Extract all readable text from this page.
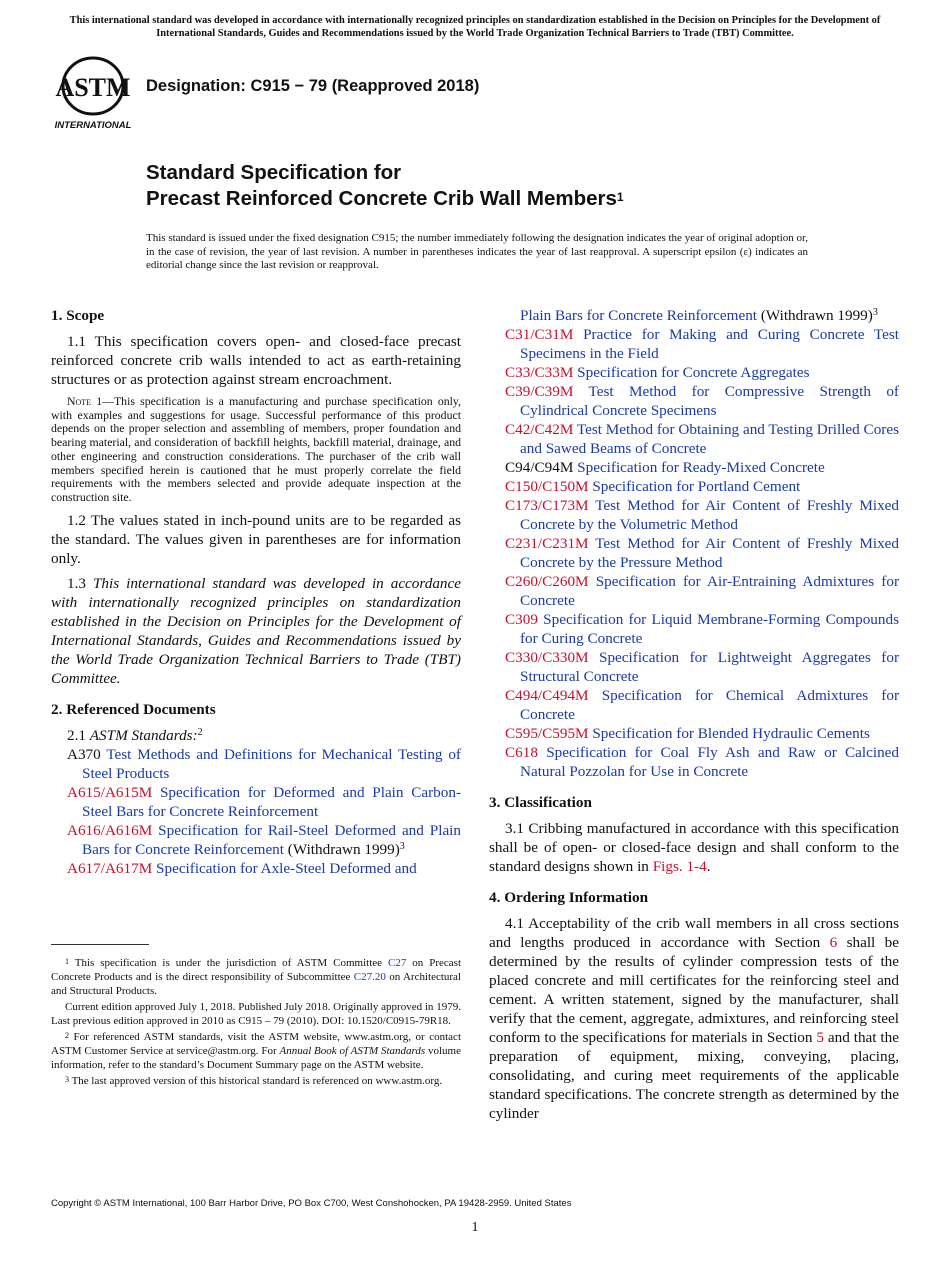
This international standard was developed in accordance with internationally recognized principles on standardization established in the Decision on Principles for the Development of International Standards, Guides and Recommendations issued by the World Trade Organization Technical Barriers to Trade (TBT) Committee.
ASTM
INTERNATIONAL
Designation: C915 − 79 (Reapproved 2018)
Standard Specification for
Precast Reinforced Concrete Crib Wall Members$^1$
This standard is issued under the fixed designation C915; the number immediately following the designation indicates the year of original adoption or, in the case of revision, the year of last revision. A number in parentheses indicates the year of last reapproval. A superscript epsilon (ε) indicates an editorial change since the last revision or reapproval.
1. Scope

1.1 This specification covers open- and closed-face precast reinforced concrete crib walls intended to act as earth-retaining structures or as protection against stream encroachment.

Note 1—This specification is a manufacturing and purchase specification only, with examples and suggestions for usage. Successful performance of this product depends on the proper selection and assembling of members, proper foundation and bearing material, and consideration of backfill heights, backfill material, drainage, and other engineering and construction considerations. The purchaser of the crib wall members specified herein is cautioned that he must properly correlate the field requirements with the members selected and provide adequate inspection at the construction site.

1.2 The values stated in inch-pound units are to be regarded as the standard. The values given in parentheses are for information only.

1.3 This international standard was developed in accordance with internationally recognized principles on standardization established in the Decision on Principles for the Development of International Standards, Guides and Recommendations issued by the World Trade Organization Technical Barriers to Trade (TBT) Committee.

2. Referenced Documents

2.1 ASTM Standards:$^2$

A370 Test Methods and Definitions for Mechanical Testing of Steel Products
A615/A615M Specification for Deformed and Plain Carbon-Steel Bars for Concrete Reinforcement
A616/A616M Specification for Rail-Steel Deformed and Plain Bars for Concrete Reinforcement (Withdrawn 1999)$^3$
A617/A617M Specification for Axle-Steel Deformed and
Plain Bars for Concrete Reinforcement (Withdrawn 1999)$^3$
C31/C31M Practice for Making and Curing Concrete Test Specimens in the Field
C33/C33M Specification for Concrete Aggregates
C39/C39M Test Method for Compressive Strength of Cylindrical Concrete Specimens
C42/C42M Test Method for Obtaining and Testing Drilled Cores and Sawed Beams of Concrete
C94/C94M Specification for Ready-Mixed Concrete
C150/C150M Specification for Portland Cement
C173/C173M Test Method for Air Content of Freshly Mixed Concrete by the Volumetric Method
C231/C231M Test Method for Air Content of Freshly Mixed Concrete by the Pressure Method
C260/C260M Specification for Air-Entraining Admixtures for Concrete
C309 Specification for Liquid Membrane-Forming Compounds for Curing Concrete
C330/C330M Specification for Lightweight Aggregates for Structural Concrete
C494/C494M Specification for Chemical Admixtures for Concrete
C595/C595M Specification for Blended Hydraulic Cements
C618 Specification for Coal Fly Ash and Raw or Calcined Natural Pozzolan for Use in Concrete
3. Classification

3.1 Cribbing manufactured in accordance with this specification shall be of open- or closed-face design and shall conform to the standard designs shown in Figs. 1-4.

4. Ordering Information

4.1 Acceptability of the crib wall members in all cross sections and lengths produced in accordance with Section 6 shall be determined by the results of cylinder compression tests of the placed concrete and mill certificates for the reinforcing steel and cement. A written statement, signed by the manufacturer, shall verify that the cement, aggregate, admixtures, and reinforcing steel conform to the specifications for materials in Section 5 and that the preparation of equipment, mixing, conveying, placing, consolidating, and curing meet requirements of the applicable standard specifications. The concrete strength as determined by the cylinder

$^1$ This specification is under the jurisdiction of ASTM Committee C27 on Precast Concrete Products and is the direct responsibility of Subcommittee C27.20 on Architectural and Structural Products.

Current edition approved July 1, 2018. Published July 2018. Originally approved in 1979. Last previous edition approved in 2010 as C915 – 79 (2010). DOI: 10.1520/C0915-79R18.

$^2$ For referenced ASTM standards, visit the ASTM website, www.astm.org, or contact ASTM Customer Service at service@astm.org. For Annual Book of ASTM Standards volume information, refer to the standard’s Document Summary page on the ASTM website.

$^3$ The last approved version of this historical standard is referenced on www.astm.org.

Copyright © ASTM International, 100 Barr Harbor Drive, PO Box C700, West Conshohocken, PA 19428-2959. United States
1
